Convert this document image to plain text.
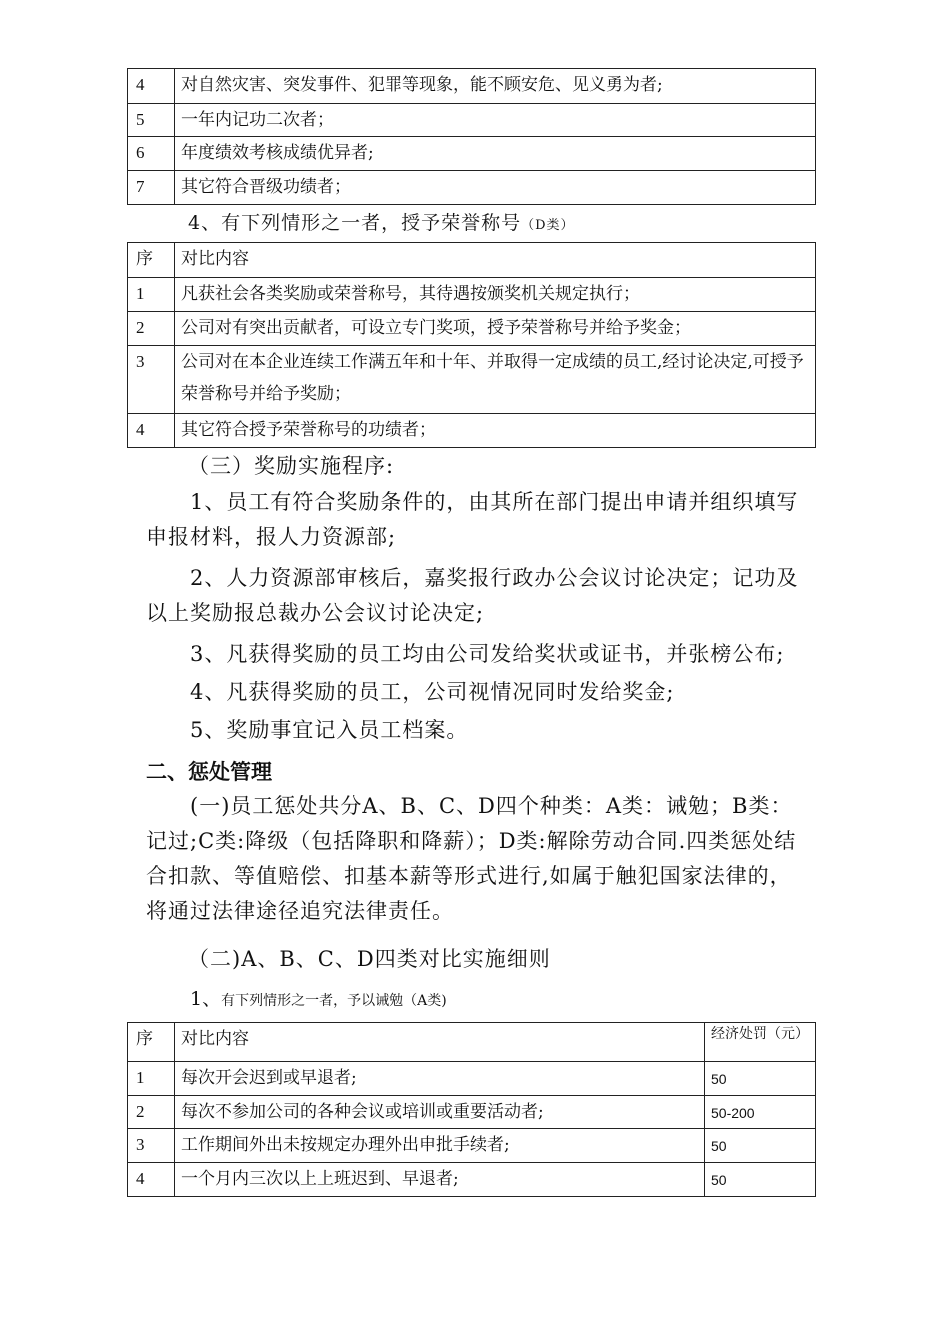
4	对自然灾害、突发事件、犯罪等现象，能不顾安危、见义勇为者;
5	一年内记功二次者；
6	年度绩效考核成绩优异者;
7	其它符合晋级功绩者；
4、有下列情形之一者，授予荣誉称号（D类）
序	对比内容
1	凡获社会各类奖励或荣誉称号，其待遇按颁奖机关规定执行；
2	公司对有突出贡献者，可设立专门奖项，授予荣誉称号并给予奖金；
3	公司对在本企业连续工作满五年和十年、并取得一定成绩的员工,经讨论决定,可授予荣誉称号并给予奖励；
4	其它符合授予荣誉称号的功绩者；
（三）奖励实施程序:
1、员工有符合奖励条件的，由其所在部门提出申请并组织填写申报材料，报人力资源部;
2、人力资源部审核后，嘉奖报行政办公会议讨论决定；记功及以上奖励报总裁办公会议讨论决定;
3、凡获得奖励的员工均由公司发给奖状或证书，并张榜公布;
4、凡获得奖励的员工，公司视情况同时发给奖金;
5、奖励事宜记入员工档案。
二、惩处管理
(一)员工惩处共分A、B、C、D四个种类：A类：诫勉；B类：记过;C类:降级（包括降职和降薪）；D类:解除劳动合同.四类惩处结合扣款、等值赔偿、扣基本薪等形式进行,如属于触犯国家法律的，将通过法律途径追究法律责任。
（二)A、B、C、D四类对比实施细则
1、有下列情形之一者，予以诫勉（A类)
序	对比内容	经济处罚（元）
1	每次开会迟到或早退者;	50
2	每次不参加公司的各种会议或培训或重要活动者;	50-200
3	工作期间外出未按规定办理外出申批手续者;	50
4	一个月内三次以上上班迟到、早退者;	50
